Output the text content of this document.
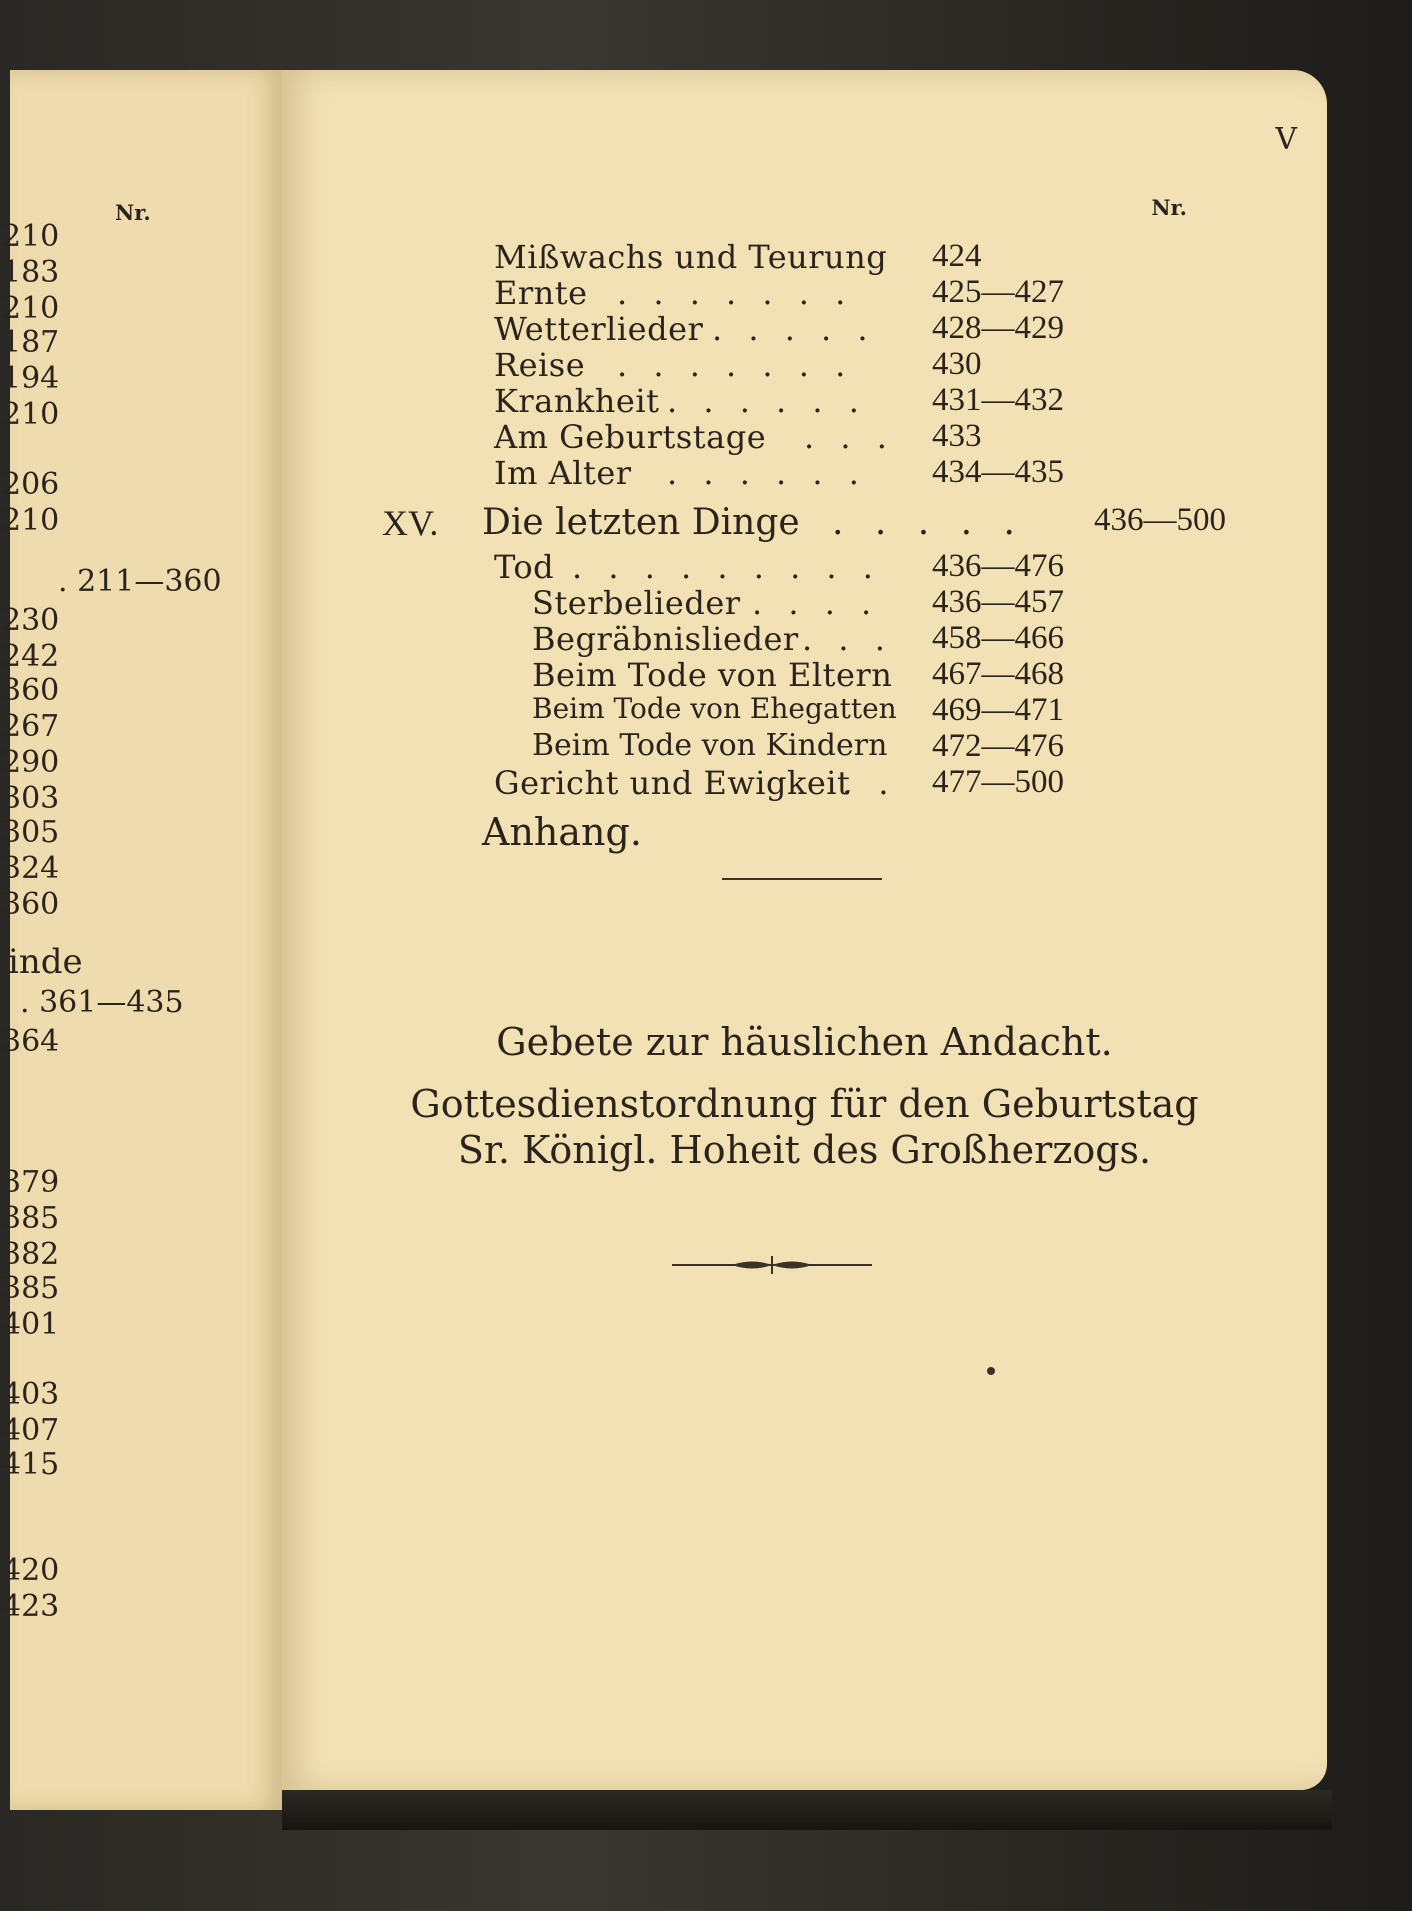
Nr.
210
183
210
187
194
210
206
210
. 211—360
230
242
360
267
290
303
305
324
360
inde
. 361—435
364
379
385
382
385
401
403
407
415
420
423
V
Nr.
Mißwachs und Teurung 424
Ernte . . . . . . . 425—427
Wetterlieder . . . . . 428—429
Reise . . . . . . . 430
Krankheit . . . . . . 431—432
Am Geburtstage . . . 433
Im Alter . . . . . . 434—435
XV. Die letzten Dinge . . . . . 436—500
Tod . . . . . . . . . 436—476
Sterbelieder . . . . 436—457
Begräbnislieder . . . 458—466
Beim Tode von Eltern 467—468
Beim Tode von Ehegatten 469—471
Beim Tode von Kindern 472—476
Gericht und Ewigkeit
. . 477—500
Anhang.
Gebete zur häuslichen Andacht.
Gottesdienstordnung für den Geburtstag
Sr. Königl. Hoheit des Großherzogs.
